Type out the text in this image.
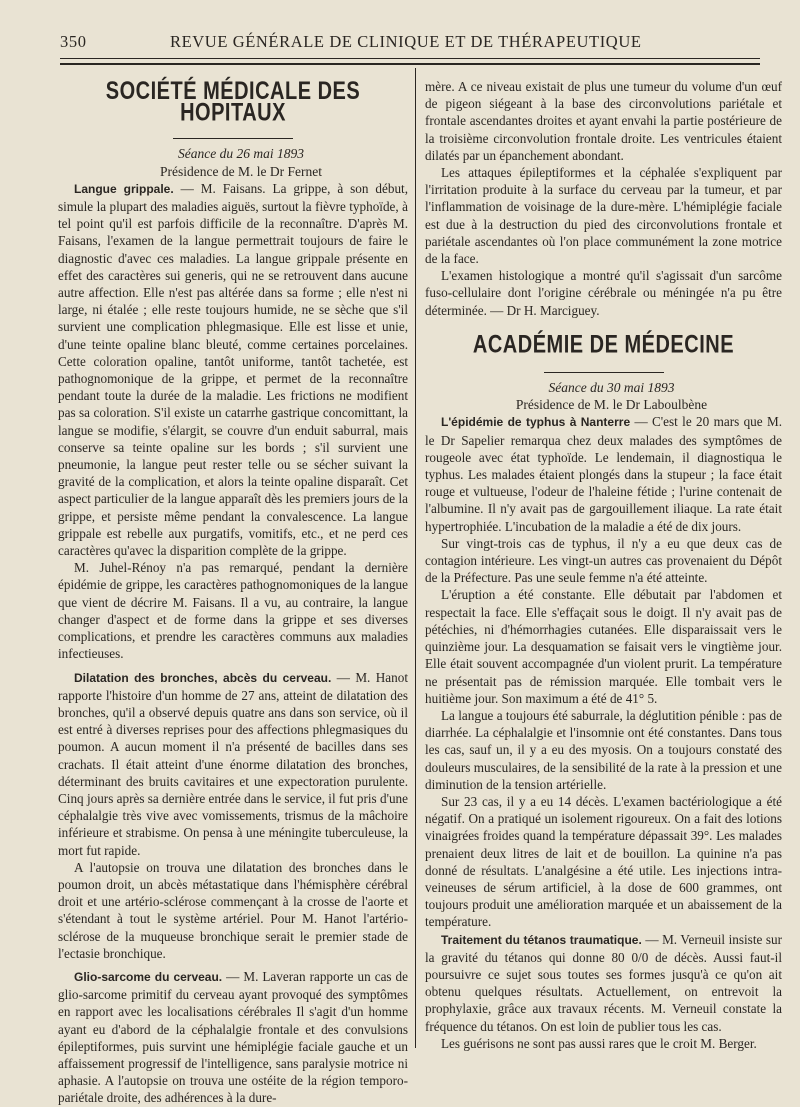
350	REVUE GÉNÉRALE DE CLINIQUE ET DE THÉRAPEUTIQUE
SOCIÉTÉ MÉDICALE DES HOPITAUX

Séance du 26 mai 1893

Présidence de M. le Dr Fernet

Langue grippale. — M. Faisans. La grippe, à son début, simule la plupart des maladies aiguës, surtout la fièvre typhoïde, à tel point qu'il est parfois difficile de la reconnaître. D'après M. Faisans, l'examen de la langue permettrait toujours de faire le diagnostic d'avec ces maladies. La langue grippale présente en effet des caractères sui generis, qui ne se retrouvent dans aucune autre affection. Elle n'est pas altérée dans sa forme ; elle n'est ni large, ni étalée ; elle reste toujours humide, ne se sèche que s'il survient une complication phlegmasique. Elle est lisse et unie, d'une teinte opaline blanc bleuté, comme certaines porcelaines. Cette coloration opaline, tantôt uniforme, tantôt tachetée, est pathognomonique de la grippe, et permet de la reconnaître pendant toute la durée de la maladie. Les frictions ne modifient pas sa coloration. S'il existe un catarrhe gastrique concomittant, la langue se modifie, s'élargit, se couvre d'un enduit saburral, mais conserve sa teinte opaline sur les bords ; s'il survient une pneumonie, la langue peut rester telle ou se sécher suivant la gravité de la complication, et alors la teinte opaline disparaît. Cet aspect particulier de la langue apparaît dès les premiers jours de la grippe, et persiste même pendant la convalescence. La langue grippale est rebelle aux purgatifs, vomitifs, etc., et ne perd ces caractères qu'avec la disparition complète de la grippe.

M. Juhel-Rénoy n'a pas remarqué, pendant la dernière épidémie de grippe, les caractères pathognomoniques de la langue que vient de décrire M. Faisans. Il a vu, au contraire, la langue changer d'aspect et de forme dans la grippe et ses diverses complications, et prendre les caractères communs aux maladies infectieuses.

Dilatation des bronches, abcès du cerveau. — M. Hanot rapporte l'histoire d'un homme de 27 ans, atteint de dilatation des bronches, qu'il a observé depuis quatre ans dans son service, où il est entré à diverses reprises pour des affections phlegmasiques du poumon. A aucun moment il n'a présenté de bacilles dans ses crachats. Il était atteint d'une énorme dilatation des bronches, déterminant des bruits cavitaires et une expectoration purulente. Cinq jours après sa dernière entrée dans le service, il fut pris d'une céphalalgie très vive avec vomissements, trismus de la mâchoire inférieure et strabisme. On pensa à une méningite tuberculeuse, la mort fut rapide.

A l'autopsie on trouva une dilatation des bronches dans le poumon droit, un abcès métastatique dans l'hémisphère cérébral droit et une artério-sclérose commençant à la crosse de l'aorte et s'étendant à tout le système artériel. Pour M. Hanot l'artério-sclérose de la muqueuse bronchique serait le premier stade de l'ectasie bronchique.

Glio-sarcome du cerveau. — M. Laveran rapporte un cas de glio-sarcome primitif du cerveau ayant provoqué des symptômes en rapport avec les localisations cérébrales Il s'agit d'un homme ayant eu d'abord de la céphalalgie frontale et des convulsions épileptiformes, puis survint une hémiplégie faciale gauche et un affaissement progressif de l'intelligence, sans paralysie motrice ni aphasie. A l'autopsie on trouva une ostéite de la région temporo-pariétale droite, des adhérences à la dure-

mère. A ce niveau existait de plus une tumeur du volume d'un œuf de pigeon siégeant à la base des circonvolutions pariétale et frontale ascendantes droites et ayant envahi la partie postérieure de la troisième circonvolution frontale droite. Les ventricules étaient dilatés par un épanchement abondant.

Les attaques épileptiformes et la céphalée s'expliquent par l'irritation produite à la surface du cerveau par la tumeur, et par l'inflammation de voisinage de la dure-mère. L'hémiplégie faciale est due à la destruction du pied des circonvolutions frontale et pariétale ascendantes où l'on place communément la zone motrice de la face.

L'examen histologique a montré qu'il s'agissait d'un sarcôme fuso-cellulaire dont l'origine cérébrale ou méningée n'a pu être déterminée. — Dr H. Marciguey.

ACADÉMIE DE MÉDECINE

Séance du 30 mai 1893

Présidence de M. le Dr Laboulbène

L'épidémie de typhus à Nanterre — C'est le 20 mars que M. le Dr Sapelier remarqua chez deux malades des symptômes de rougeole avec état typhoïde. Le lendemain, il diagnostiqua le typhus. Les malades étaient plongés dans la stupeur ; la face était rouge et vultueuse, l'odeur de l'haleine fétide ; l'urine contenait de l'albumine. Il n'y avait pas de gargouillement iliaque. La rate était hypertrophiée. L'incubation de la maladie a été de dix jours.

Sur vingt-trois cas de typhus, il n'y a eu que deux cas de contagion intérieure. Les vingt-un autres cas provenaient du Dépôt de la Préfecture. Pas une seule femme n'a été atteinte.

L'éruption a été constante. Elle débutait par l'abdomen et respectait la face. Elle s'effaçait sous le doigt. Il n'y avait pas de pétéchies, ni d'hémorrhagies cutanées. Elle disparaissait vers le quinzième jour. La desquamation se faisait vers le vingtième jour. Elle était souvent accompagnée d'un violent prurit. La température ne présentait pas de rémission marquée. Elle tombait vers le huitième jour. Son maximum a été de 41° 5.

La langue a toujours été saburrale, la déglutition pénible : pas de diarrhée. La céphalalgie et l'insomnie ont été constantes. Dans tous les cas, sauf un, il y a eu des myosis. On a toujours constaté des douleurs musculaires, de la sensibilité de la rate à la pression et une diminution de la tension artérielle.

Sur 23 cas, il y a eu 14 décès. L'examen bactériologique a été négatif. On a pratiqué un isolement rigoureux. On a fait des lotions vinaigrées froides quand la température dépassait 39°. Les malades prenaient deux litres de lait et de bouillon. La quinine n'a pas donné de résultats. L'analgésine a été utile. Les injections intra-veineuses de sérum artificiel, à la dose de 600 grammes, ont toujours produit une amélioration marquée et un abaissement de la température.

Traitement du tétanos traumatique. — M. Verneuil insiste sur la gravité du tétanos qui donne 80 0/0 de décès. Aussi faut-il poursuivre ce sujet sous toutes ses formes jusqu'à ce qu'on ait obtenu quelques résultats. Actuellement, on entrevoit la prophylaxie, grâce aux travaux récents. M. Verneuil constate la fréquence du tétanos. On est loin de publier tous les cas.

Les guérisons ne sont pas aussi rares que le croit M. Berger.
